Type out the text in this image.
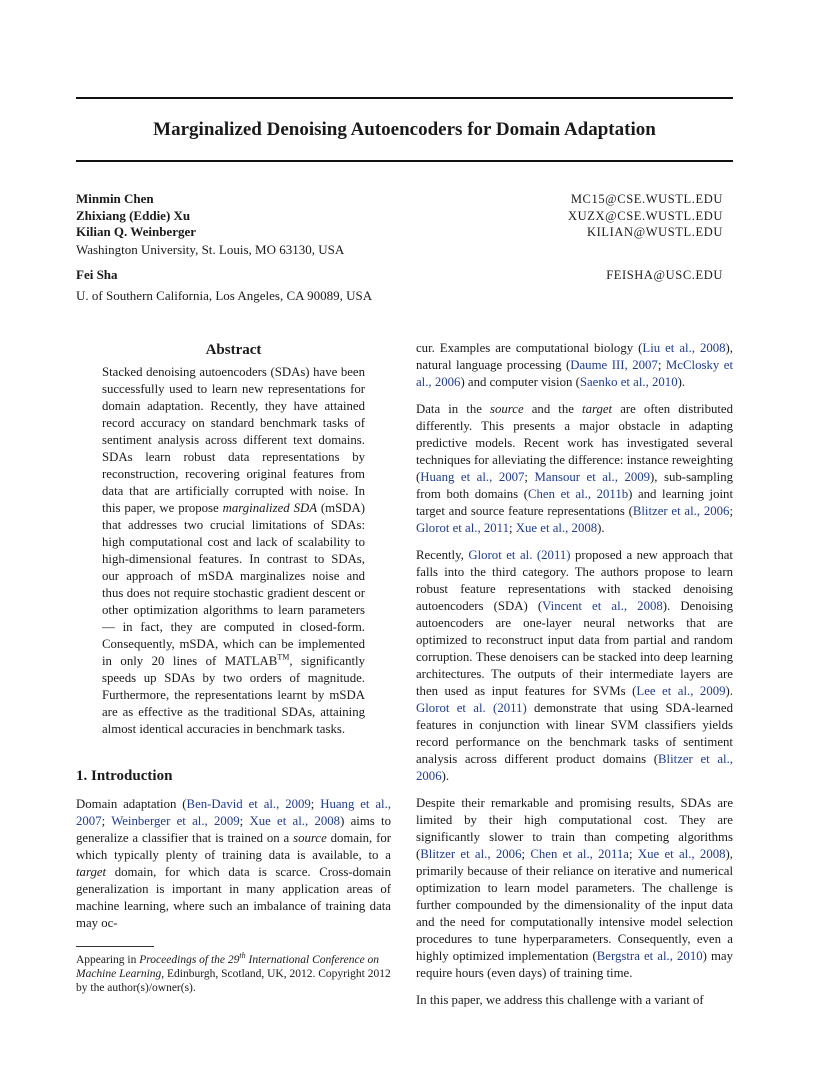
Marginalized Denoising Autoencoders for Domain Adaptation
Minmin Chen	MC15@CSE.WUSTL.EDU
Zhixiang (Eddie) Xu	XUZX@CSE.WUSTL.EDU
Kilian Q. Weinberger	KILIAN@WUSTL.EDU
Washington University, St. Louis, MO 63130, USA
Fei Sha	FEISHA@USC.EDU
U. of Southern California, Los Angeles, CA 90089, USA
Abstract

Stacked denoising autoencoders (SDAs) have been successfully used to learn new representations for domain adaptation. Recently, they have attained record accuracy on standard benchmark tasks of sentiment analysis across different text domains. SDAs learn robust data representations by reconstruction, recovering original features from data that are artificially corrupted with noise. In this paper, we propose marginalized SDA (mSDA) that addresses two crucial limitations of SDAs: high computational cost and lack of scalability to high-dimensional features. In contrast to SDAs, our approach of mSDA marginalizes noise and thus does not require stochastic gradient descent or other optimization algorithms to learn parameters — in fact, they are computed in closed-form. Consequently, mSDA, which can be implemented in only 20 lines of MATLAB™, significantly speeds up SDAs by two orders of magnitude. Furthermore, the representations learnt by mSDA are as effective as the traditional SDAs, attaining almost identical accuracies in benchmark tasks.

1. Introduction

Domain adaptation (Ben-David et al., 2009; Huang et al., 2007; Weinberger et al., 2009; Xue et al., 2008) aims to generalize a classifier that is trained on a source domain, for which typically plenty of training data is available, to a target domain, for which data is scarce. Cross-domain generalization is important in many application areas of machine learning, where such an imbalance of training data may oc-

Appearing in Proceedings of the 29th International Conference on Machine Learning, Edinburgh, Scotland, UK, 2012. Copyright 2012 by the author(s)/owner(s).

cur. Examples are computational biology (Liu et al., 2008), natural language processing (Daume III, 2007; McClosky et al., 2006) and computer vision (Saenko et al., 2010).

Data in the source and the target are often distributed differently. This presents a major obstacle in adapting predictive models. Recent work has investigated several techniques for alleviating the difference: instance reweighting (Huang et al., 2007; Mansour et al., 2009), sub-sampling from both domains (Chen et al., 2011b) and learning joint target and source feature representations (Blitzer et al., 2006; Glorot et al., 2011; Xue et al., 2008).

Recently, Glorot et al. (2011) proposed a new approach that falls into the third category. The authors propose to learn robust feature representations with stacked denoising autoencoders (SDA) (Vincent et al., 2008). Denoising autoencoders are one-layer neural networks that are optimized to reconstruct input data from partial and random corruption. These denoisers can be stacked into deep learning architectures. The outputs of their intermediate layers are then used as input features for SVMs (Lee et al., 2009). Glorot et al. (2011) demonstrate that using SDA-learned features in conjunction with linear SVM classifiers yields record performance on the benchmark tasks of sentiment analysis across different product domains (Blitzer et al., 2006).

Despite their remarkable and promising results, SDAs are limited by their high computational cost. They are significantly slower to train than competing algorithms (Blitzer et al., 2006; Chen et al., 2011a; Xue et al., 2008), primarily because of their reliance on iterative and numerical optimization to learn model parameters. The challenge is further compounded by the dimensionality of the input data and the need for computationally intensive model selection procedures to tune hyperparameters. Consequently, even a highly optimized implementation (Bergstra et al., 2010) may require hours (even days) of training time.

In this paper, we address this challenge with a variant of
